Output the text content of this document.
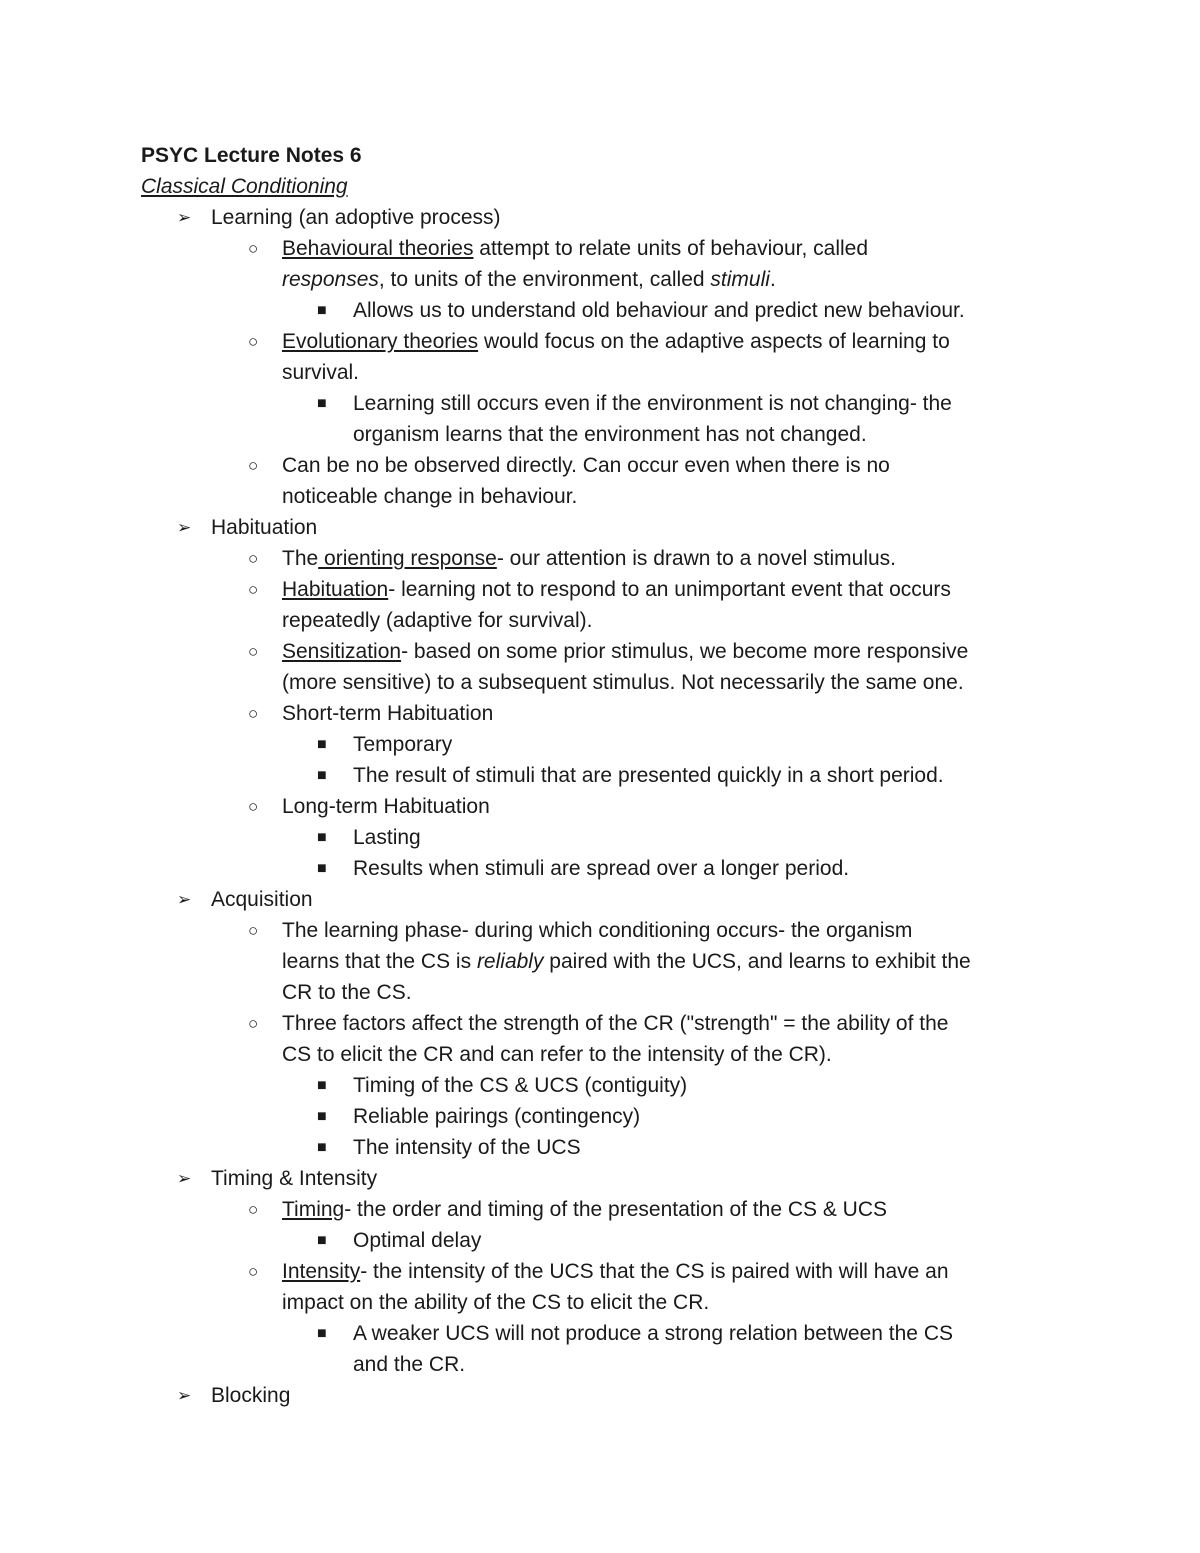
PSYC Lecture Notes 6
Classical Conditioning
➢ Learning (an adoptive process)
○ Behavioural theories attempt to relate units of behaviour, called
responses, to units of the environment, called stimuli.
■ Allows us to understand old behaviour and predict new behaviour.
○ Evolutionary theories would focus on the adaptive aspects of learning to
survival.
■ Learning still occurs even if the environment is not changing- the
organism learns that the environment has not changed.
○ Can be no be observed directly. Can occur even when there is no
noticeable change in behaviour.
➢ Habituation
○ The orienting response- our attention is drawn to a novel stimulus.
○ Habituation- learning not to respond to an unimportant event that occurs
repeatedly (adaptive for survival).
○ Sensitization- based on some prior stimulus, we become more responsive
(more sensitive) to a subsequent stimulus. Not necessarily the same one.
○ Short-term Habituation
■ Temporary
■ The result of stimuli that are presented quickly in a short period.
○ Long-term Habituation
■ Lasting
■ Results when stimuli are spread over a longer period.
➢ Acquisition
○ The learning phase- during which conditioning occurs- the organism
learns that the CS is reliably paired with the UCS, and learns to exhibit the
CR to the CS.
○ Three factors affect the strength of the CR ("strength" = the ability of the
CS to elicit the CR and can refer to the intensity of the CR).
■ Timing of the CS & UCS (contiguity)
■ Reliable pairings (contingency)
■ The intensity of the UCS
➢ Timing & Intensity
○ Timing- the order and timing of the presentation of the CS & UCS
■ Optimal delay
○ Intensity- the intensity of the UCS that the CS is paired with will have an
impact on the ability of the CS to elicit the CR.
■ A weaker UCS will not produce a strong relation between the CS
and the CR.
➢ Blocking
